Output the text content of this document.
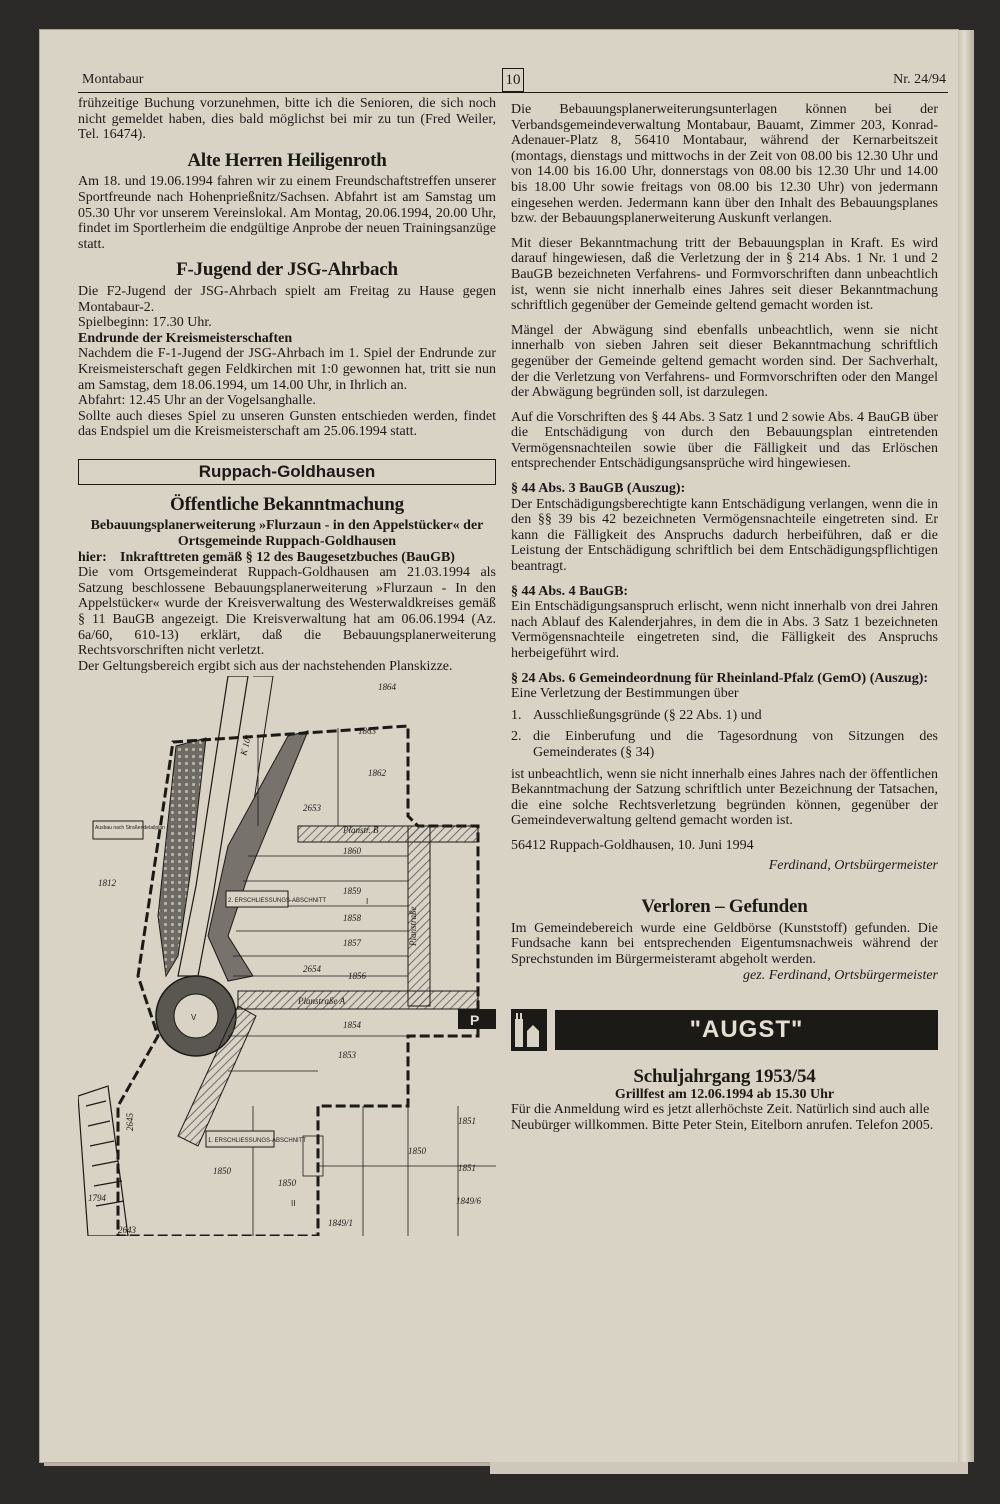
Montabaur	10	Nr. 24/94

frühzeitige Buchung vorzunehmen, bitte ich die Senioren, die sich noch nicht gemeldet haben, dies bald möglichst bei mir zu tun (Fred Weiler, Tel. 16474).

Alte Herren Heiligenroth

Am 18. und 19.06.1994 fahren wir zu einem Freundschaftstreffen unserer Sportfreunde nach Hohenprießnitz/Sachsen. Abfahrt ist am Samstag um 05.30 Uhr vor unserem Vereinslokal. Am Montag, 20.06.1994, 20.00 Uhr, findet im Sportlerheim die endgültige Anprobe der neuen Trainingsanzüge statt.

F-Jugend der JSG-Ahrbach

Die F2-Jugend der JSG-Ahrbach spielt am Freitag zu Hause gegen Montabaur-2.

Spielbeginn: 17.30 Uhr.

Endrunde der Kreismeisterschaften

Nachdem die F-1-Jugend der JSG-Ahrbach im 1. Spiel der Endrunde zur Kreismeisterschaft gegen Feldkirchen mit 1:0 gewonnen hat, tritt sie nun am Samstag, dem 18.06.1994, um 14.00 Uhr, in Ihrlich an.

Abfahrt: 12.45 Uhr an der Vogelsanghalle.

Sollte auch dieses Spiel zu unseren Gunsten entschieden werden, findet das Endspiel um die Kreismeisterschaft am 25.06.1994 statt.

Ruppach-Goldhausen
Öffentliche Bekanntmachung

Bebauungsplanerweiterung »Flurzaun - in den Appelstücker« der Ortsgemeinde Ruppach-Goldhausen

hier: Inkrafttreten gemäß § 12 des Baugesetzbuches (BauGB)

Die vom Ortsgemeinderat Ruppach-Goldhausen am 21.03.1994 als Satzung beschlossene Bebauungsplanerweiterung »Flurzaun - In den Appelstücker« wurde der Kreisverwaltung des Westerwaldkreises gemäß § 11 BauGB angezeigt. Die Kreisverwaltung hat am 06.06.1994 (Az. 6a/60, 610-13) erklärt, daß die Bebauungsplanerweiterung Rechtsvorschriften nicht verletzt.

Der Geltungsbereich ergibt sich aus der nachstehenden Planskizze.

1864
K 101
1863
1862
2653
Planstr. B
1860
1859
1858
1857
2654
1856
Planstraße A
1854
1853
Planstraße
1812
Ausbau nach Straßendetailplan
2. ERSCHLIESSUNGS-ABSCHNITT
1. ERSCHLIESSUNGS-ABSCHNITT
I
II
V	P
1851
1851
1850
1850
1850
1849/1
1849/6
2645
1794
2643

Die Bebauungsplanerweiterungsunterlagen können bei der Verbandsgemeindeverwaltung Montabaur, Bauamt, Zimmer 203, Konrad-Adenauer-Platz 8, 56410 Montabaur, während der Kernarbeitszeit (montags, dienstags und mittwochs in der Zeit von 08.00 bis 12.30 Uhr und von 14.00 bis 16.00 Uhr, donnerstags von 08.00 bis 12.30 Uhr und 14.00 bis 18.00 Uhr sowie freitags von 08.00 bis 12.30 Uhr) von jedermann eingesehen werden. Jedermann kann über den Inhalt des Bebauungsplanes bzw. der Bebauungsplanerweiterung Auskunft verlangen.

Mit dieser Bekanntmachung tritt der Bebauungsplan in Kraft. Es wird darauf hingewiesen, daß die Verletzung der in § 214 Abs. 1 Nr. 1 und 2 BauGB bezeichneten Verfahrens- und Formvorschriften dann unbeachtlich ist, wenn sie nicht innerhalb eines Jahres seit dieser Bekanntmachung schriftlich gegenüber der Gemeinde geltend gemacht worden ist.

Mängel der Abwägung sind ebenfalls unbeachtlich, wenn sie nicht innerhalb von sieben Jahren seit dieser Bekanntmachung schriftlich gegenüber der Gemeinde geltend gemacht worden sind. Der Sachverhalt, der die Verletzung von Verfahrens- und Formvorschriften oder den Mangel der Abwägung begründen soll, ist darzulegen.

Auf die Vorschriften des § 44 Abs. 3 Satz 1 und 2 sowie Abs. 4 BauGB über die Entschädigung von durch den Bebauungsplan eintretenden Vermögensnachteilen sowie über die Fälligkeit und das Erlöschen entsprechender Entschädigungsansprüche wird hingewiesen.

§ 44 Abs. 3 BauGB (Auszug):

Der Entschädigungsberechtigte kann Entschädigung verlangen, wenn die in den §§ 39 bis 42 bezeichneten Vermögensnachteile eingetreten sind. Er kann die Fälligkeit des Anspruchs dadurch herbeiführen, daß er die Leistung der Entschädigung schriftlich bei dem Entschädigungspflichtigen beantragt.

§ 44 Abs. 4 BauGB:

Ein Entschädigungsanspruch erlischt, wenn nicht innerhalb von drei Jahren nach Ablauf des Kalenderjahres, in dem die in Abs. 3 Satz 1 bezeichneten Vermögensnachteile eingetreten sind, die Fälligkeit des Anspruchs herbeigeführt wird.

§ 24 Abs. 6 Gemeindeordnung für Rheinland-Pfalz (GemO) (Auszug):

Eine Verletzung der Bestimmungen über

1. Ausschließungsgründe (§ 22 Abs. 1) und
2. die Einberufung und die Tagesordnung von Sitzungen des Gemeinderates (§ 34)

ist unbeachtlich, wenn sie nicht innerhalb eines Jahres nach der öffentlichen Bekanntmachung der Satzung schriftlich unter Bezeichnung der Tatsachen, die eine solche Rechtsverletzung begründen können, gegenüber der Gemeindeverwaltung geltend gemacht worden ist.

56412 Ruppach-Goldhausen, 10. Juni 1994

Ferdinand, Ortsbürgermeister

Verloren – Gefunden

Im Gemeindebereich wurde eine Geldbörse (Kunststoff) gefunden. Die Fundsache kann bei entsprechenden Eigentumsnachweis während der Sprechstunden im Bürgermeisteramt abgeholt werden.

gez. Ferdinand, Ortsbürgermeister

"AUGST"
Schuljahrgang 1953/54

Grillfest am 12.06.1994 ab 15.30 Uhr

Für die Anmeldung wird es jetzt allerhöchste Zeit. Natürlich sind auch alle Neubürger willkommen. Bitte Peter Stein, Eitelborn anrufen. Telefon 2005.
